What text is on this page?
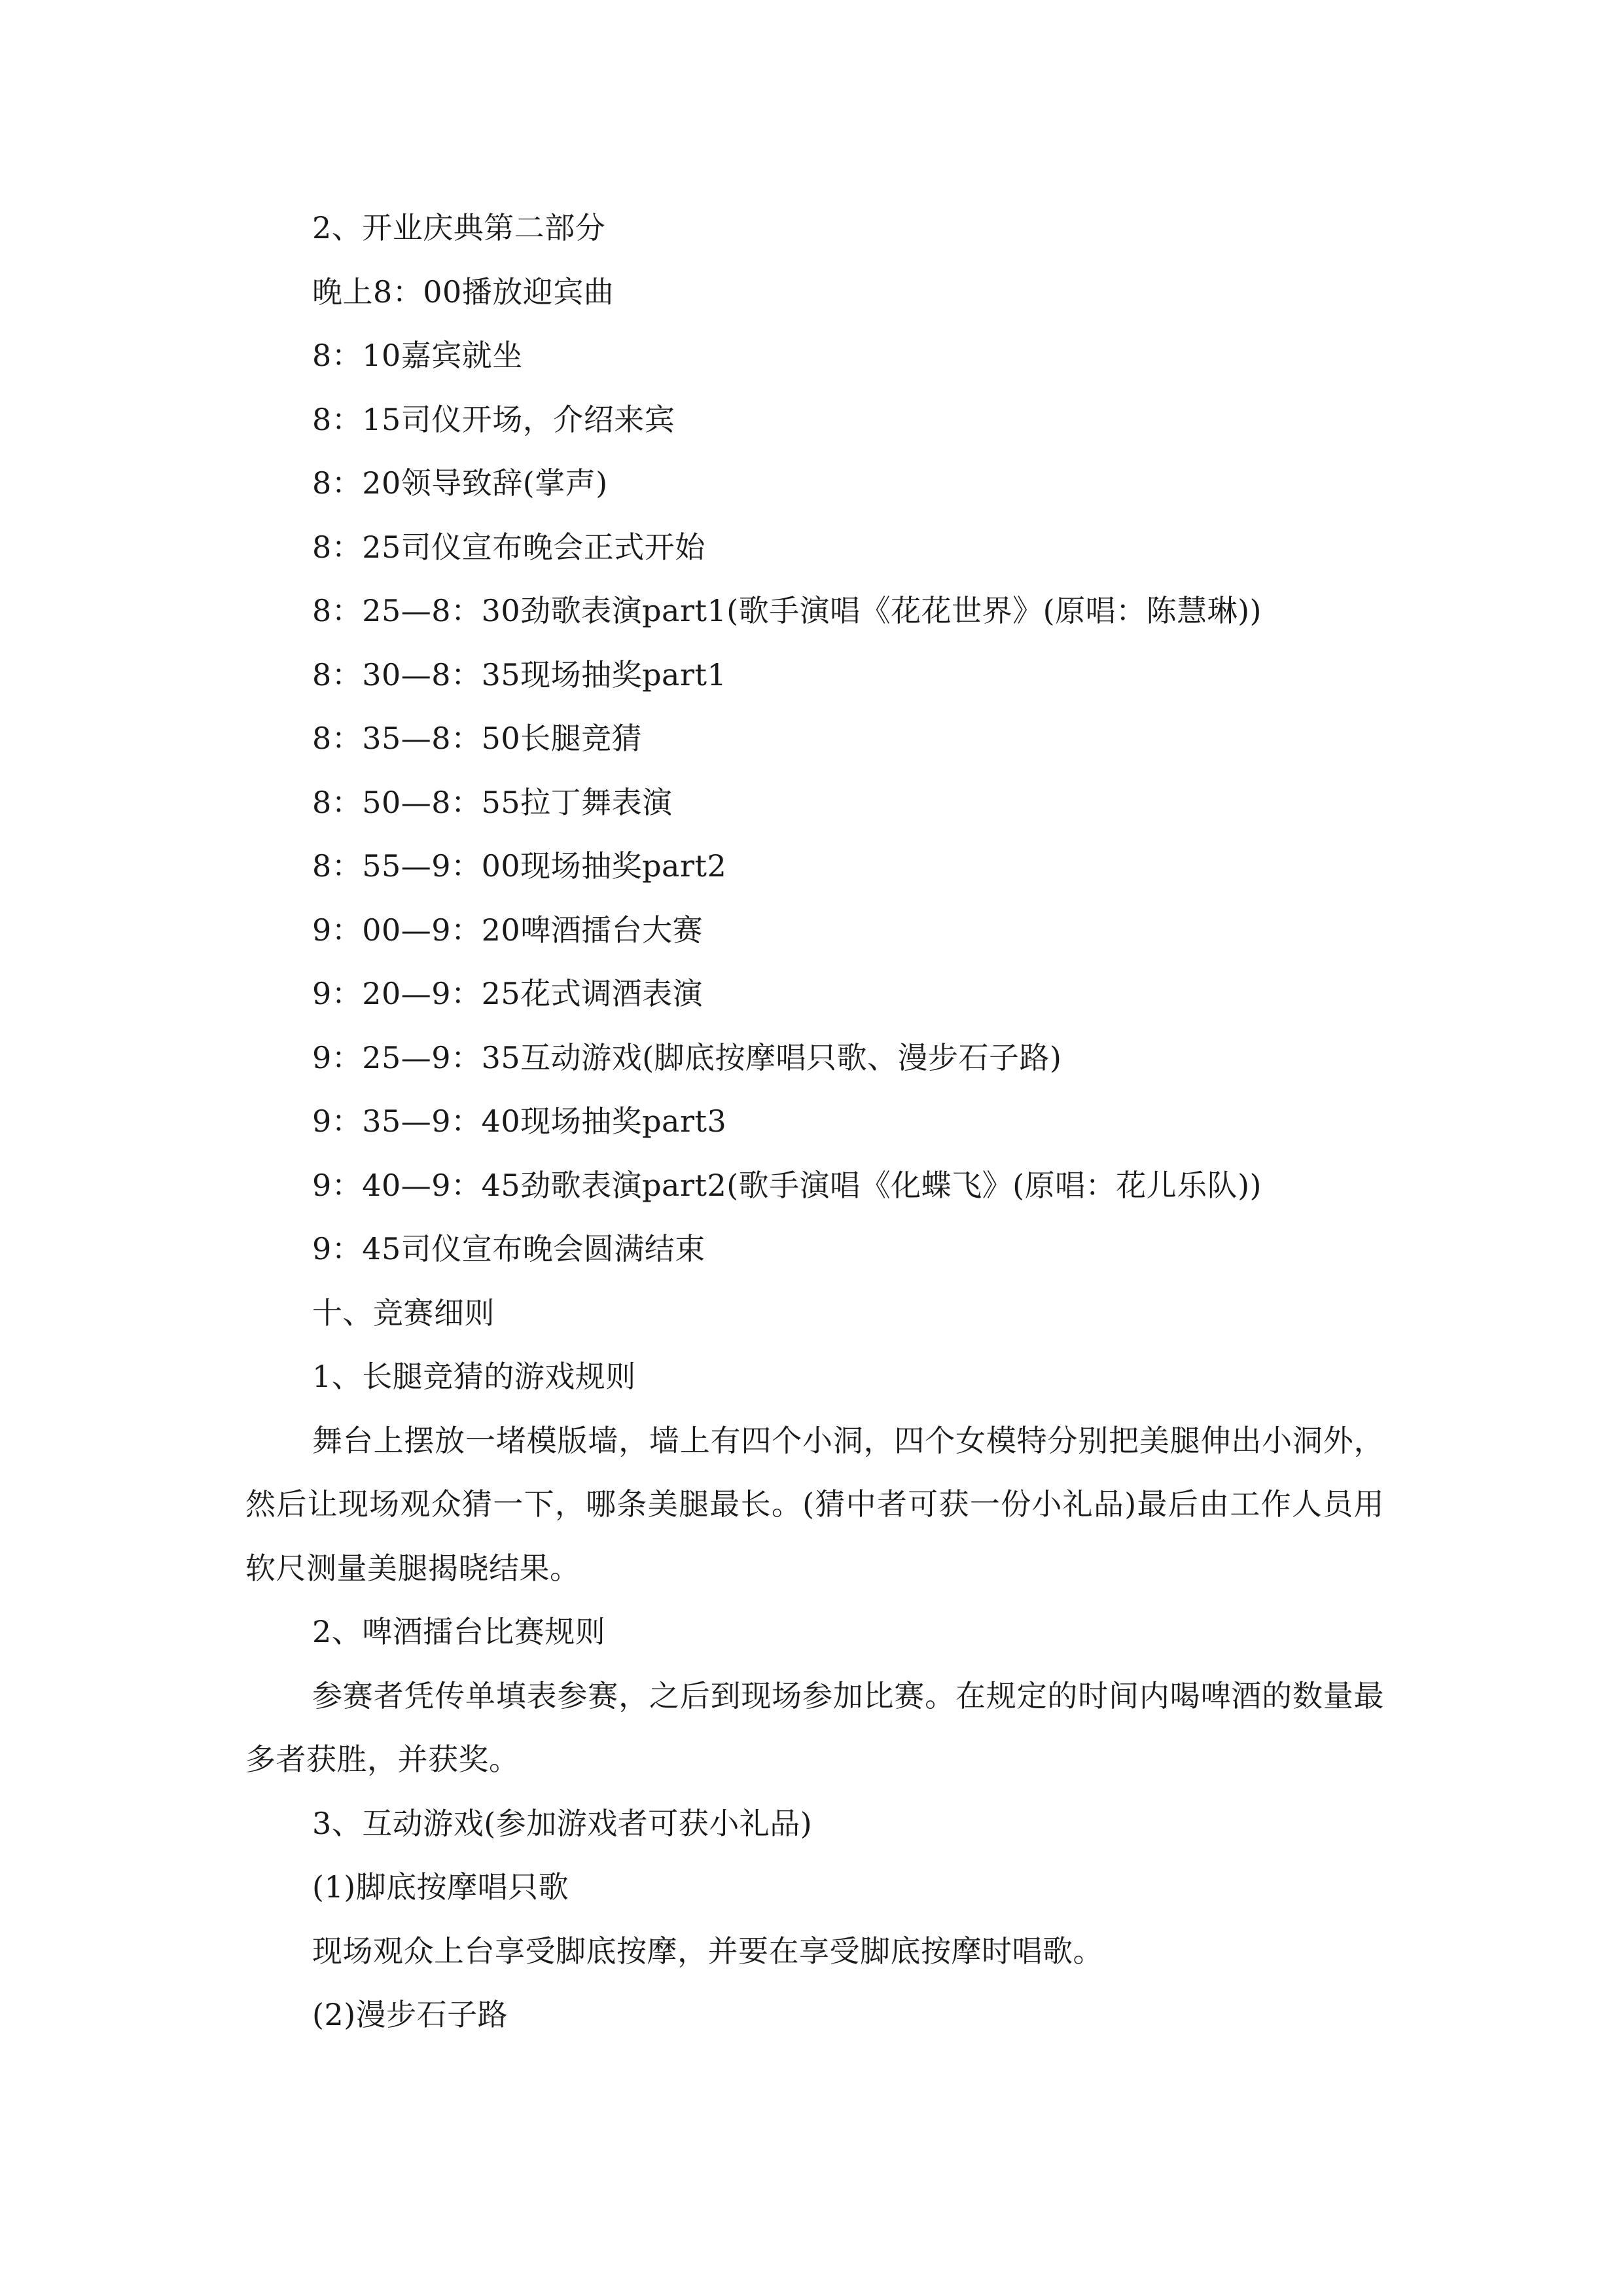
2、开业庆典第二部分

晚上8：00播放迎宾曲

8：10嘉宾就坐

8：15司仪开场，介绍来宾

8：20领导致辞(掌声)

8：25司仪宣布晚会正式开始

8：25—8：30劲歌表演part1(歌手演唱《花花世界》(原唱：陈慧琳))

8：30—8：35现场抽奖part1

8：35—8：50长腿竞猜

8：50—8：55拉丁舞表演

8：55—9：00现场抽奖part2

9：00—9：20啤酒擂台大赛

9：20—9：25花式调酒表演

9：25—9：35互动游戏(脚底按摩唱只歌、漫步石子路)

9：35—9：40现场抽奖part3

9：40—9：45劲歌表演part2(歌手演唱《化蝶飞》(原唱：花儿乐队))

9：45司仪宣布晚会圆满结束

十、竞赛细则

1、长腿竞猜的游戏规则

舞台上摆放一堵模版墙，墙上有四个小洞，四个女模特分别把美腿伸出小洞外，然后让现场观众猜一下，哪条美腿最长。(猜中者可获一份小礼品)最后由工作人员用软尺测量美腿揭晓结果。

2、啤酒擂台比赛规则

参赛者凭传单填表参赛，之后到现场参加比赛。在规定的时间内喝啤酒的数量最多者获胜，并获奖。

3、互动游戏(参加游戏者可获小礼品)

(1)脚底按摩唱只歌

现场观众上台享受脚底按摩，并要在享受脚底按摩时唱歌。

(2)漫步石子路
